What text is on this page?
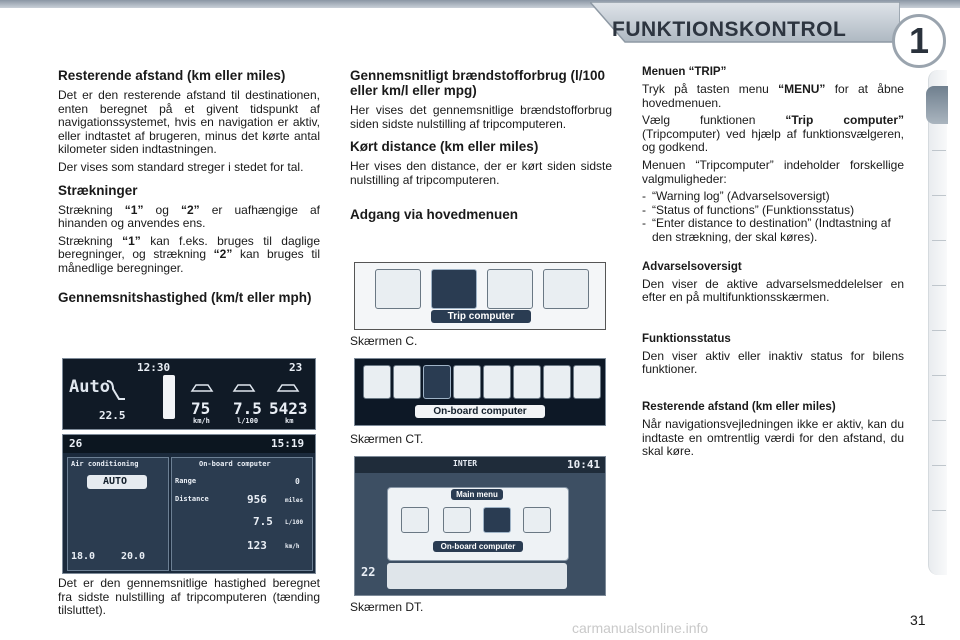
FUNKTIONSKONTROL	1
Resterende afstand (km eller miles)

Det er den resterende afstand til destinationen, enten beregnet på et givent tidspunkt af navigationssystemet, hvis en navigation er aktiv, eller indtastet af brugeren, minus det kørte antal kilometer siden indtastningen.

Der vises som standard streger i stedet for tal.

Strækninger

Strækning “1” og “2” er uafhængige af hinanden og anvendes ens.

Strækning “1” kan f.eks. bruges til daglige beregninger, og strækning “2” kan bruges til månedlige beregninger.

Gennemsnitshastighed (km/t eller mph)
12:30	23
Auto
22.5	75
km/h
7.5
l/100
5423
km
26	15:19
Air conditioning
AUTO
18.0	20.0
On-board computer
Range	0
Distance	956	miles
7.5 L/100
123	km/h

Det er den gennemsnitlige hastighed beregnet fra sidste nulstilling af tripcomputeren (tænding tilsluttet).

Gennemsnitligt brændstofforbrug (l/100 eller km/l eller mpg)

Her vises det gennemsnitlige brændstofforbrug siden sidste nulstilling af tripcomputeren.

Kørt distance (km eller miles)

Her vises den distance, der er kørt siden sidste nulstilling af tripcomputeren.

Adgang via hovedmenuen
Trip computer
Skærmen C.
On-board computer
Skærmen CT.
INTER	10:41
22
Main menu
On-board computer
Skærmen DT.
Menuen “TRIP”

Tryk på tasten menu “MENU” for at åbne hovedmenuen.

Vælg funktionen “Trip computer” (Tripcomputer) ved hjælp af funktionsvælgeren, og godkend.

Menuen “Tripcomputer” indeholder forskellige valgmuligheder:

- “Warning log” (Advarselsoversigt)
- “Status of functions” (Funktionsstatus)
- “Enter distance to destination” (Indtastning af den strækning, der skal køres).
Advarselsoversigt

Den viser de aktive advarselsmeddelelser en efter en på multifunktionsskærmen.

Funktionsstatus

Den viser aktiv eller inaktiv status for bilens funktioner.

Resterende afstand (km eller miles)

Når navigationsvejledningen ikke er aktiv, kan du indtaste en omtrentlig værdi for den afstand, du skal køre.

31
carmanualsonline.info
